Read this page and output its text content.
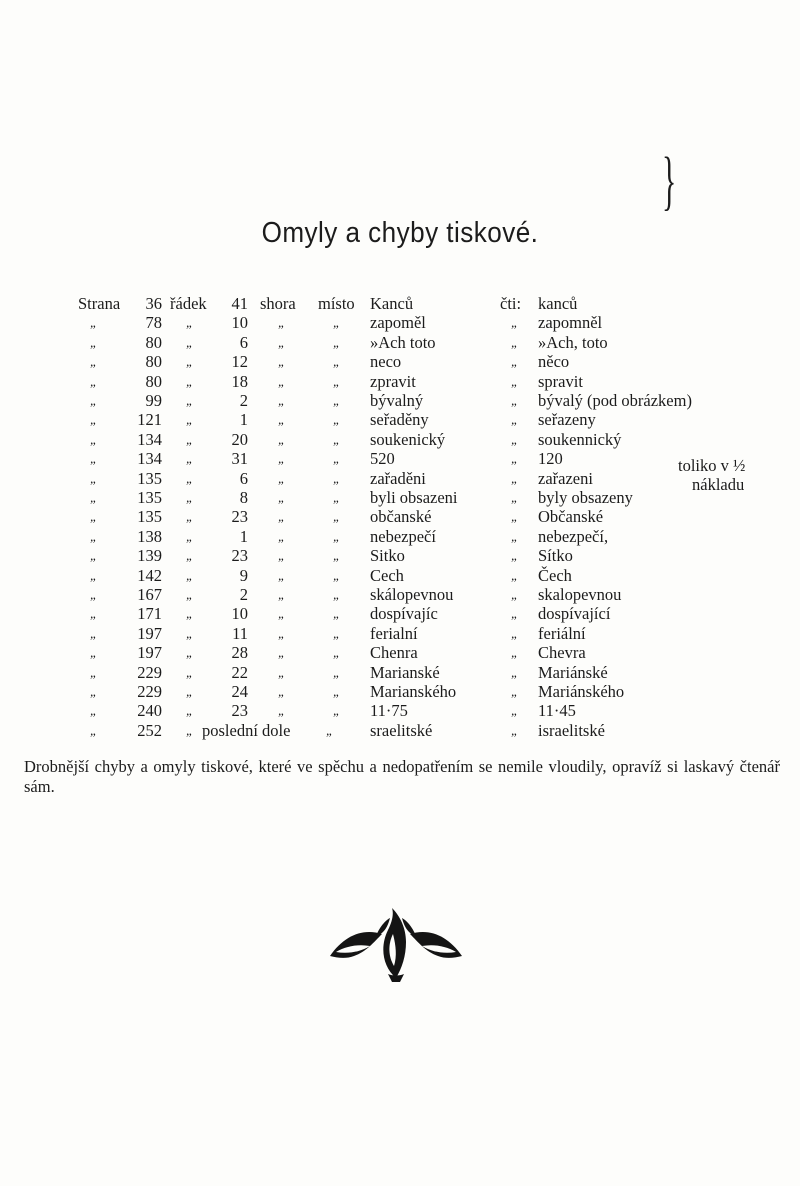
Omyly a chyby tiskové.
Strana	36 řádek	41 shora místo Kanců	čti: kanců
„	78 „	10 „	„ zapoměl	„ zapomněl
„	80 „	6 „	„ »Ach toto	„ »Ach, toto
„	80 „	12 „	„ neco	„ něco
„	80 „	18 „	„ zpravit	„ spravit
„	99 „	2 „	„ bývalný	„ bývalý (pod obrázkem)
„	121 „	1 „	„ seřaděny	„ seřazeny
„	134 „	20 „	„ soukenický	„ soukennický
„	134 „	31 „	„ 520	„ 120
„	135 „	6 „	„ zařaděni	„ zařazeni
„	135 „	8 „	„ byli obsazeni	„ byly obsazeny
„	135 „	23 „	„ občanské	„ Občanské
„	138 „	1 „	„ nebezpečí	„ nebezpečí,
„	139 „	23 „	„ Sitko	„ Sítko
„	142 „	9 „	„ Cech	„ Čech
„	167 „	2 „	„ skálopevnou	„ skalopevnou
„	171 „	10 „	„ dospívajíc	„ dospívající
„	197 „	11 „	„ ferialní	„ feriální
„	197 „	28 „	„ Chenra	„ Chevra
„	229 „	22 „	„ Marianské	„ Mariánské
„	229 „	24 „	„ Marianského	„ Mariánského
„	240 „	23 „	„ 11·75	„ 11·45
„	252 „ poslední dole	„ sraelitské	„ israelitské
}
toliko v ½
nákladu

Drobnější chyby a omyly tiskové, které ve spěchu a nedopatřením se nemile vloudily, opravíž si laskavý čtenář sám.
